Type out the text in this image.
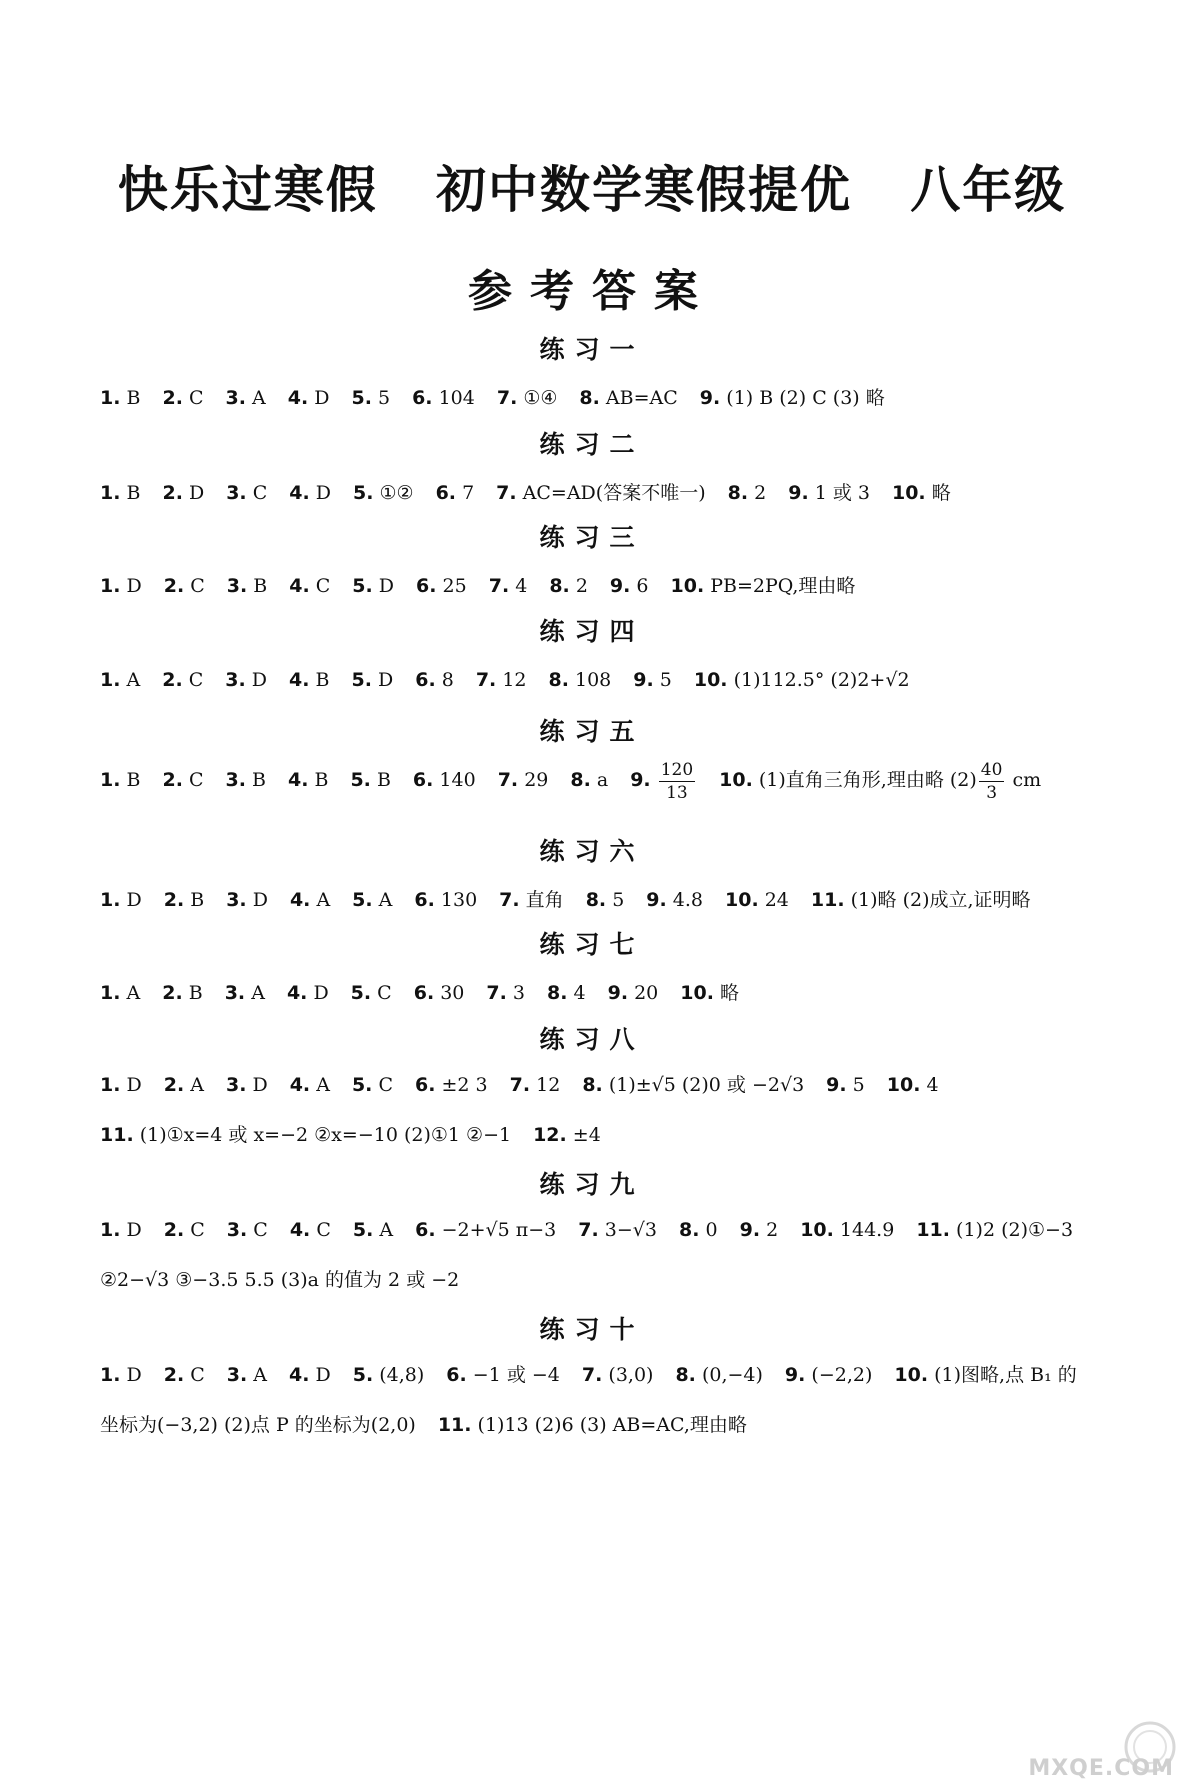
快乐过寒假   初中数学寒假提优   八年级
参考答案
练习一
1. B 2. C 3. A 4. D 5. 5 6. 104 7. ①④ 8. AB=AC 9. (1) B (2) C (3) 略
练习二
1. B 2. D 3. C 4. D 5. ①② 6. 7 7. AC=AD(答案不唯一) 8. 2 9. 1 或 3 10. 略
练习三
1. D 2. C 3. B 4. C 5. D 6. 25 7. 4 8. 2 9. 6 10. PB=2PQ,理由略
练习四
1. A 2. C 3. D 4. B 5. D 6. 8 7. 12 8. 108 9. 5 10. (1)112.5° (2)2+√2
练习五
1. B 2. C 3. B 4. B 5. B 6. 140 7. 29 8. a 9. $\frac{120}{13} 10$. (1)直角三角形,理由略 $(2) \frac{40}{3}$ cm
练习六
1. D 2. B 3. D 4. A 5. A 6. 130 7. 直角 8. 5 9. 4.8 10. 24 11. (1)略 (2)成立,证明略
练习七
1. A 2. B 3. A 4. D 5. C 6. 30 7. 3 8. 4 9. 20 10. 略
练习八
1. D 2. A 3. D 4. A 5. C 6. ±2 3 7. 12 8. (1)±√5 (2)0 或 −2√3 9. 5 10. 4
11. (1)①x=4 或 x=−2 ②x=−10 (2)①1 ②−1 12. ±4
练习九
1. D 2. C 3. C 4. C 5. A 6. −2+√5 π−3 7. 3−√3 8. 0 9. 2 10. 144.9 11. (1)2 (2)①−3
②2−√3 ③−3.5 5.5 (3)a 的值为 2 或 −2
练习十
1. D 2. C 3. A 4. D 5. (4,8) 6. −1 或 −4 7. (3,0) 8. (0,−4) 9. (−2,2) 10. (1)图略,点 B₁ 的
坐标为(−3,2) (2)点 P 的坐标为(2,0) 11. (1)13 (2)6 (3) AB=AC,理由略
MXQE.COM
